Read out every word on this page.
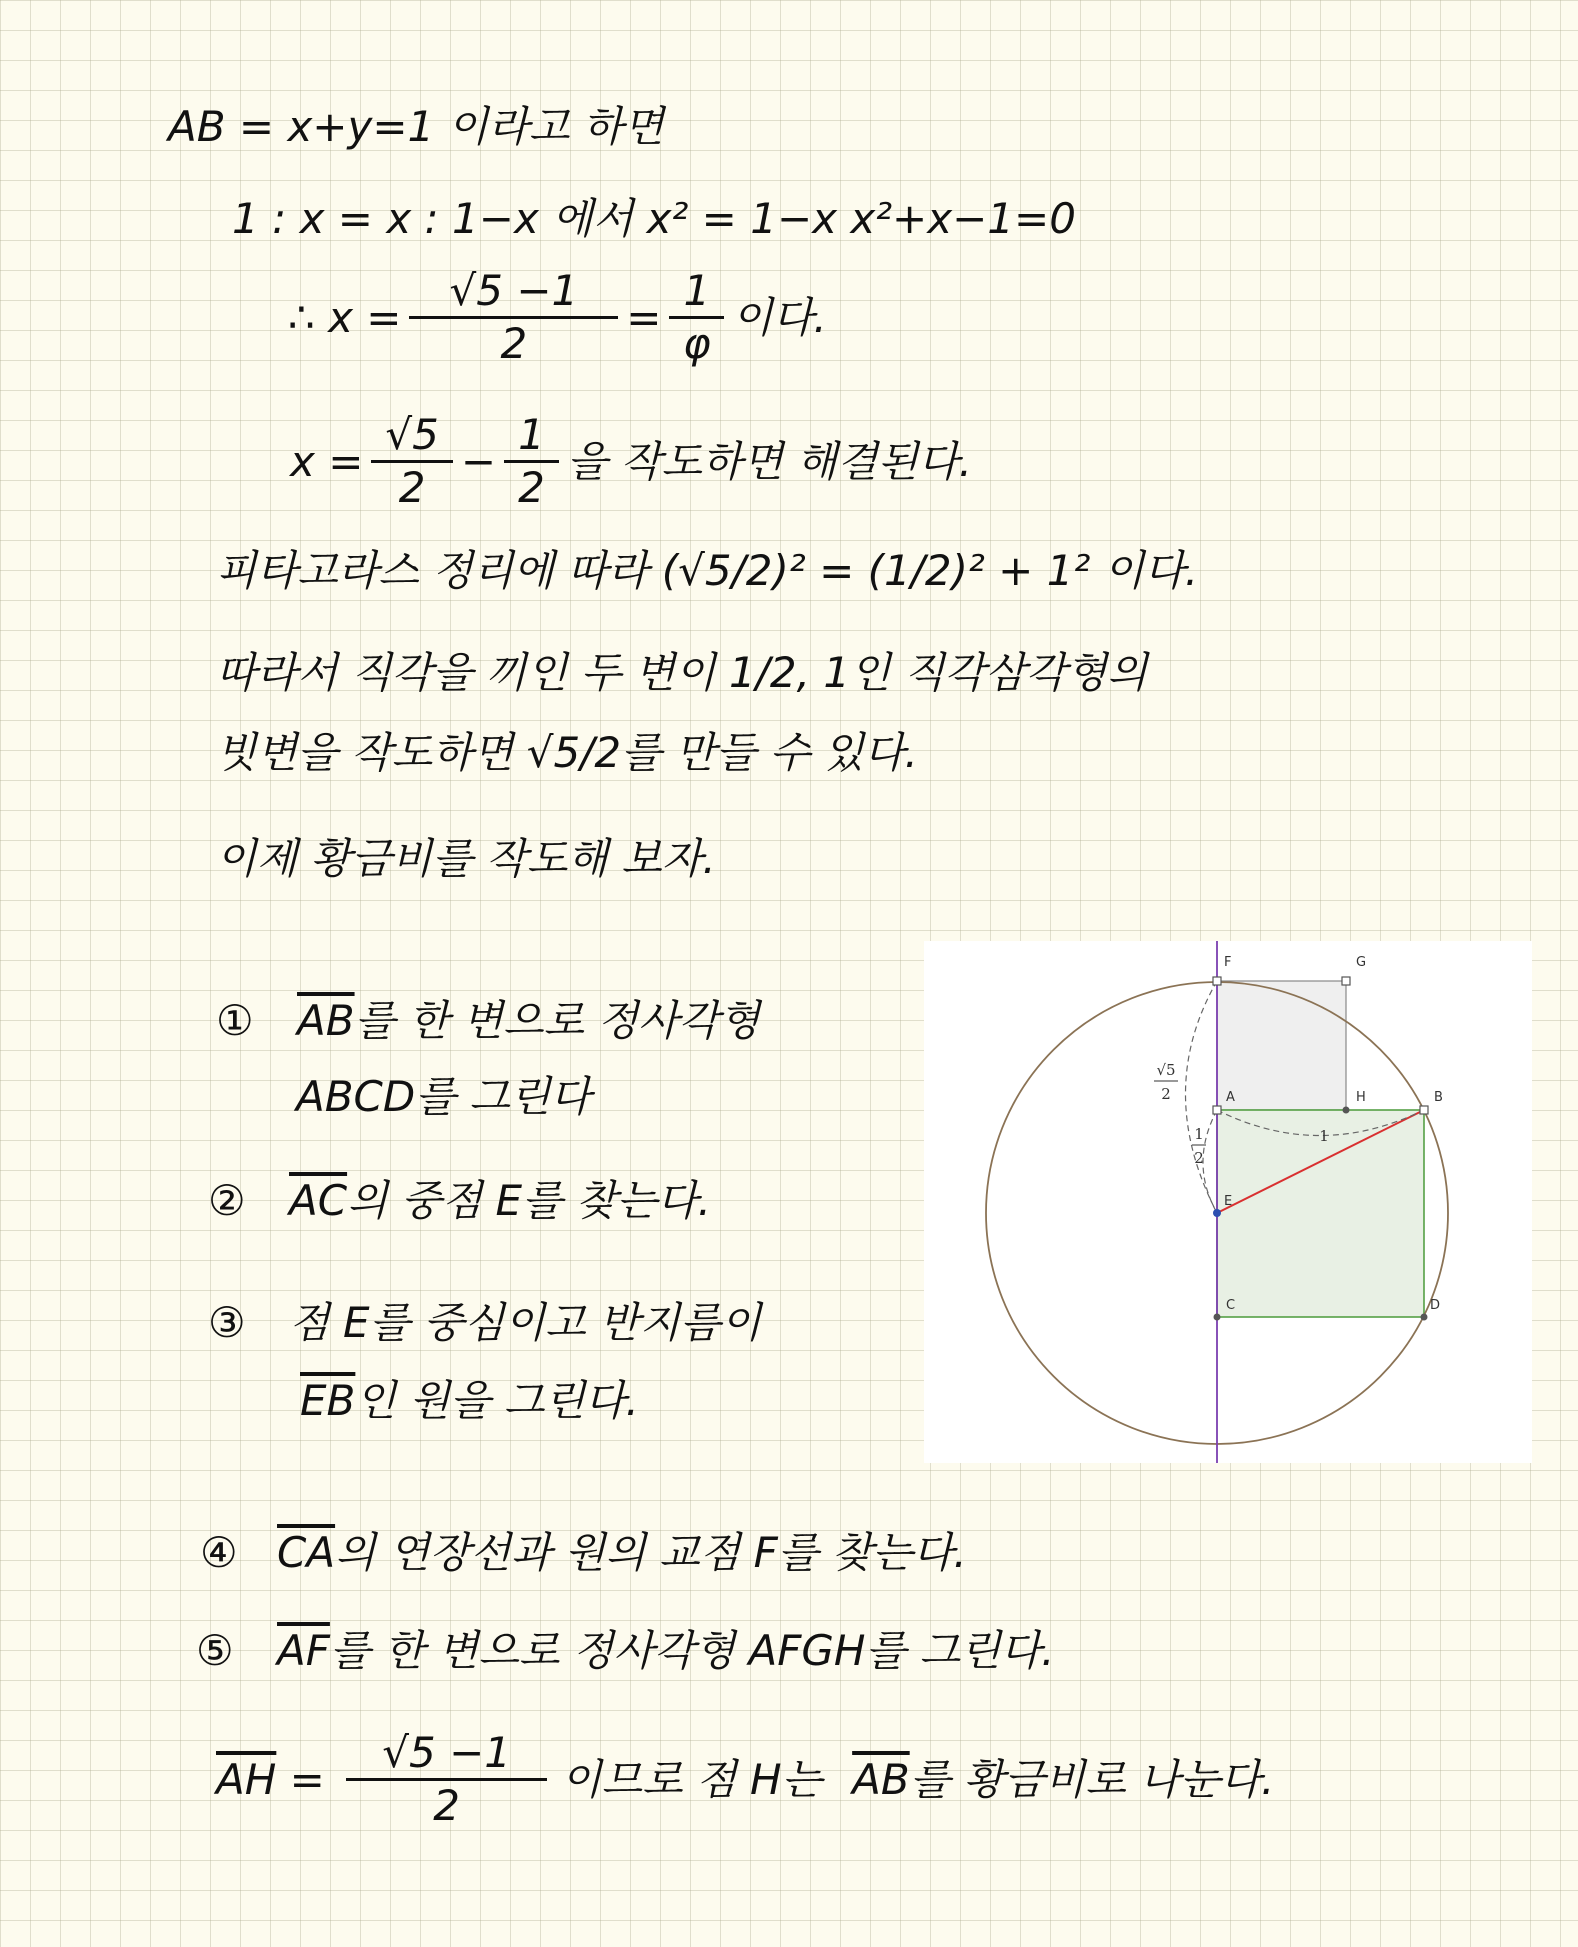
AB = x+y=1 이라고 하면
1 : x = x : 1−x 에서 x² = 1−x x²+x−1=0
∴ $x = \frac{√5 -1}{2} = \frac{1}{\varphi}$ 이다.
$x = \frac{√5}{2} - \frac{1}{2}$ 을 작도하면 해결된다.
피타고라스 정리에 따라 (√5/2)² = (1/2)² + 1² 이다.
따라서 직각을 끼인 두 변이 1/2, 1인 직각삼각형의
빗변을 작도하면 √5/2를 만들 수 있다.
이제 황금비를 작도해 보자.
① $\overline{AB}$를 한 변으로 정사각형
ABCD를 그린다
② $\overline{AC}$의 중점 E를 찾는다.
③ 점 E를 중심이고 반지름이
$\overline{EB}$인 원을 그린다.
④ $\overline{CA}$의 연장선과 원의 교점 F를 찾는다.
⑤ $\overline{AF}$를 한 변으로 정사각형 AFGH를 그린다.
$\overline{AH} = \frac{√5 -1}{2}$ 이므로 점 H는 $\overline{AB}$ 를 황금비로 나눈다.
√5
2
1
2
1
F	G
A	H	B
E
C	D
